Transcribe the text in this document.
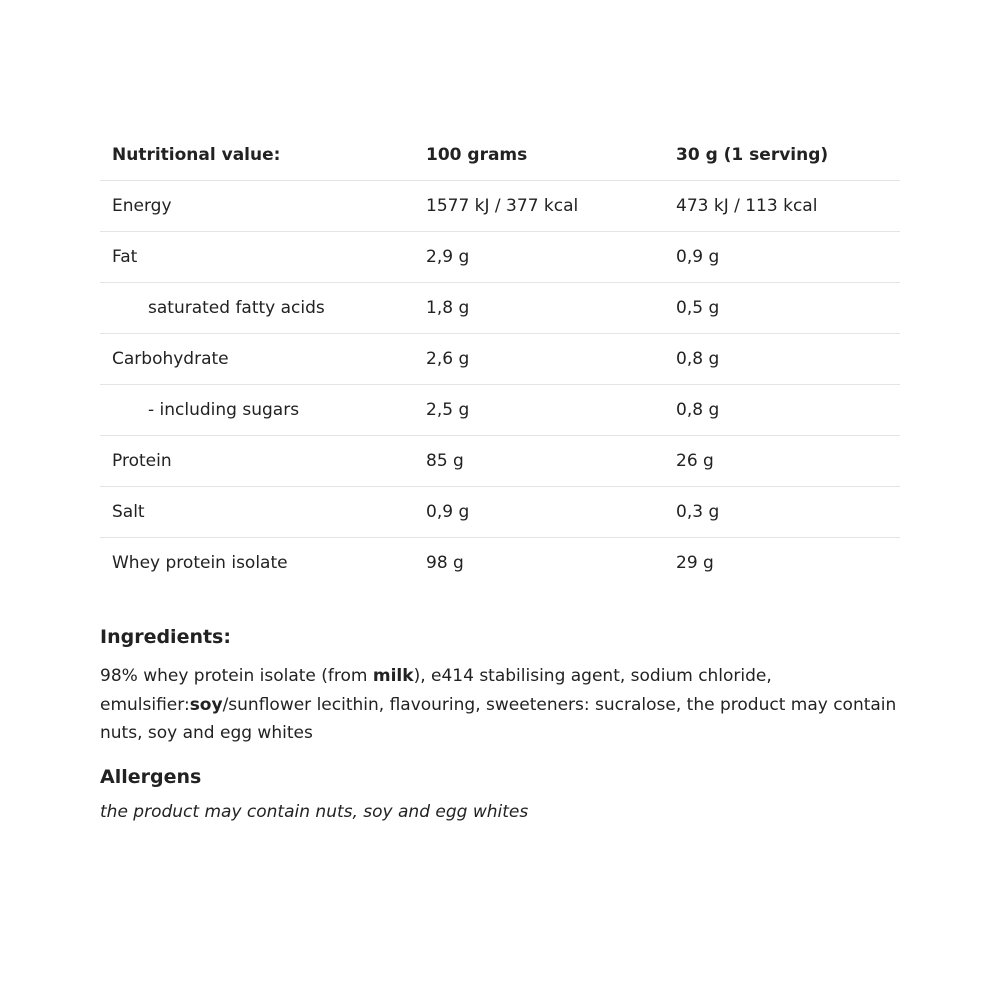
Nutritional value:	100 grams	30 g (1 serving)
Energy	1577 kJ / 377 kcal	473 kJ / 113 kcal
Fat	2,9 g	0,9 g
saturated fatty acids	1,8 g	0,5 g
Carbohydrate	2,6 g	0,8 g
- including sugars	2,5 g	0,8 g
Protein	85 g	26 g
Salt	0,9 g	0,3 g
Whey protein isolate	98 g	29 g
Ingredients:

98% whey protein isolate (from milk), e414 stabilising agent, sodium chloride, emulsifier:soy/sunflower lecithin, flavouring, sweeteners: sucralose, the product may contain nuts, soy and egg whites

Allergens

the product may contain nuts, soy and egg whites
